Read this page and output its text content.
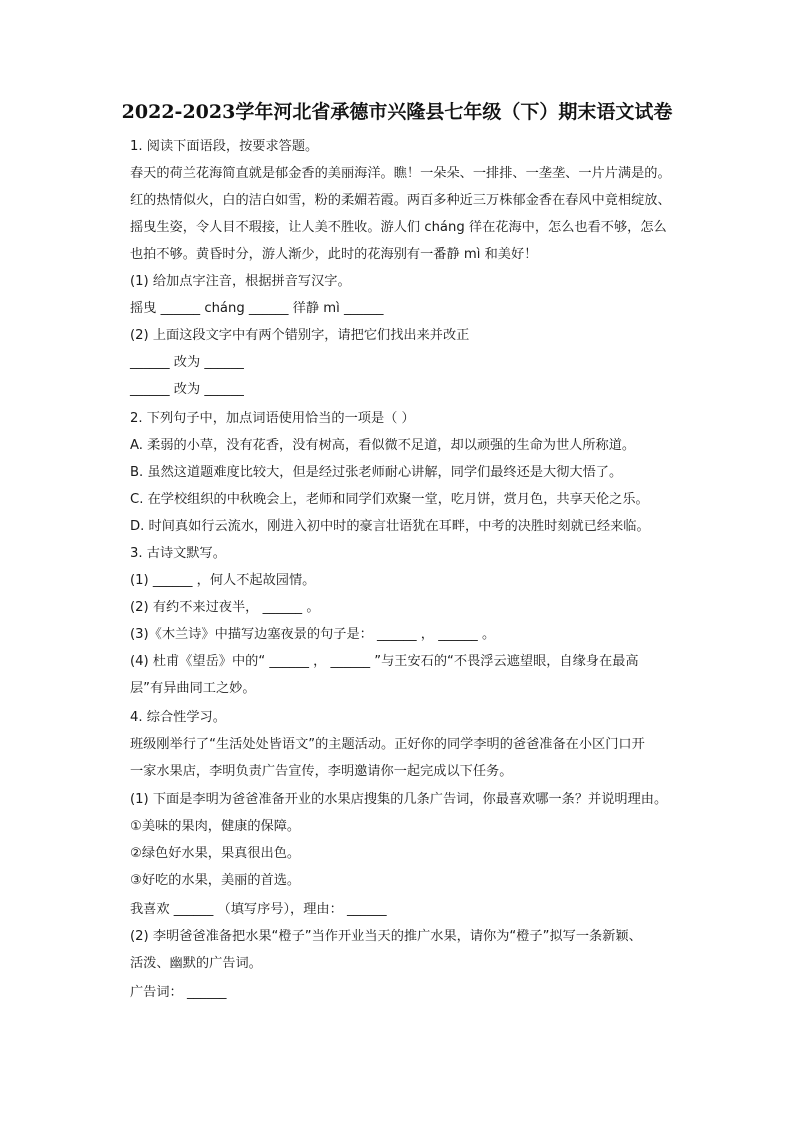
2022-2023学年河北省承德市兴隆县七年级（下）期末语文试卷
1. 阅读下面语段，按要求答题。
春天的荷兰花海简直就是郁金香的美丽海洋。瞧！一朵朵、一排排、一垄垄、一片片满是的。
红的热情似火，白的洁白如雪，粉的柔媚若霞。两百多种近三万株郁金香在春风中竟相绽放、
摇曳生姿，令人目不瑕接，让人美不胜收。游人们 cháng 徉在花海中，怎么也看不够，怎么
也拍不够。黄昏时分，游人渐少，此时的花海别有一番静 mì 和美好！
(1) 给加点字注音，根据拼音写汉字。
摇曳 ______ cháng ______ 徉静 mì ______
(2) 上面这段文字中有两个错别字，请把它们找出来并改正
______ 改为 ______
______ 改为 ______
2. 下列句子中，加点词语使用恰当的一项是（ ）
A. 柔弱的小草，没有花香，没有树高，看似微不足道，却以顽强的生命为世人所称道。
B. 虽然这道题难度比较大，但是经过张老师耐心讲解，同学们最终还是大彻大悟了。
C. 在学校组织的中秋晚会上，老师和同学们欢聚一堂，吃月饼，赏月色，共享天伦之乐。
D. 时间真如行云流水，刚进入初中时的豪言壮语犹在耳畔，中考的决胜时刻就已经来临。
3. 古诗文默写。
(1) ______ ，何人不起故园情。
(2) 有约不来过夜半， ______ 。
(3)《木兰诗》中描写边塞夜景的句子是： ______ ， ______ 。
(4) 杜甫《望岳》中的“ ______ ， ______ ”与王安石的“不畏浮云遮望眼，自缘身在最高
层”有异曲同工之妙。
4. 综合性学习。
班级刚举行了“生活处处皆语文”的主题活动。正好你的同学李明的爸爸准备在小区门口开
一家水果店，李明负责广告宣传，李明邀请你一起完成以下任务。
(1) 下面是李明为爸爸准备开业的水果店搜集的几条广告词，你最喜欢哪一条？并说明理由。
①美味的果肉，健康的保障。
②绿色好水果，果真很出色。
③好吃的水果，美丽的首选。
我喜欢 ______ （填写序号），理由： ______
(2) 李明爸爸准备把水果“橙子”当作开业当天的推广水果，请你为“橙子”拟写一条新颖、
活泼、幽默的广告词。
广告词： ______
